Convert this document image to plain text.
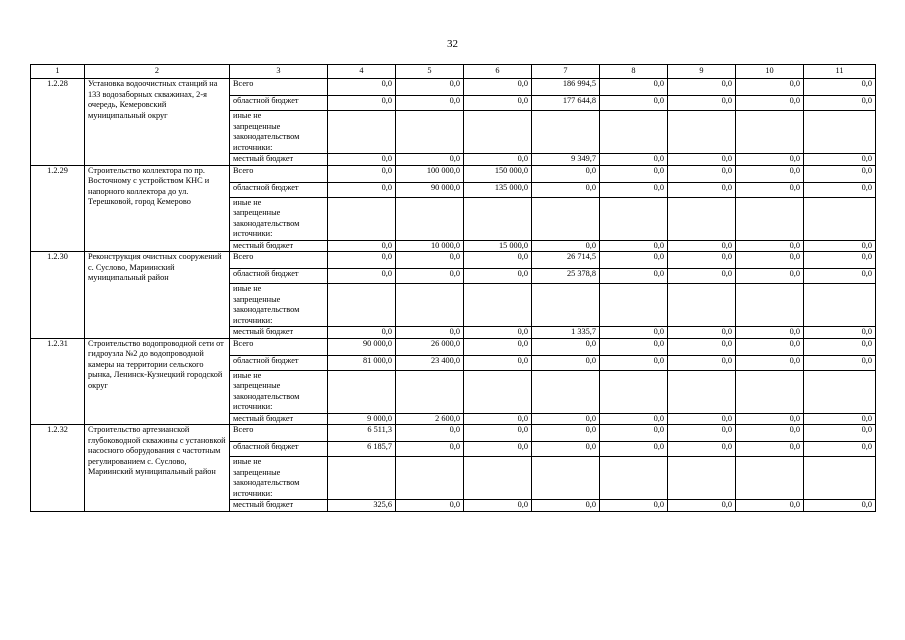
32
1	2	3	4	5	6	7	8	9	10	11
1.2.28	Установка водоочистных станций на 133 водозаборных скважинах, 2-я очередь, Кемеровский муниципальный округ	Всего	0,0	0,0	0,0	186 994,5	0,0	0,0	0,0	0,0
		областной бюджет	0,0	0,0	0,0	177 644,8	0,0	0,0	0,0	0,0

		иные не
запрещенные
законодательством
источники:								

		местный бюджет	0,0	0,0	0,0	9 349,7	0,0	0,0	0,0	0,0
1.2.29	Строительство коллектора по пр. Восточному с устройством КНС и напорного коллектора до ул. Терешковой, город Кемерово	Всего	0,0	100 000,0	150 000,0	0,0	0,0	0,0	0,0	0,0
		областной бюджет	0,0	90 000,0	135 000,0	0,0	0,0	0,0	0,0	0,0

		иные не
запрещенные
законодательством
источники:								

		местный бюджет	0,0	10 000,0	15 000,0	0,0	0,0	0,0	0,0	0,0
1.2.30	Реконструкция очистных сооружений с. Суслово, Мариинский муниципальный район	Всего	0,0	0,0	0,0	26 714,5	0,0	0,0	0,0	0,0
		областной бюджет	0,0	0,0	0,0	25 378,8	0,0	0,0	0,0	0,0

		иные не
запрещенные
законодательством
источники:								

		местный бюджет	0,0	0,0	0,0	1 335,7	0,0	0,0	0,0	0,0
1.2.31	Строительство водопроводной сети от гидроузла №2 до водопроводной камеры на территории сельского рынка, Ленинск-Кузнецкий городской округ	Всего	90 000,0	26 000,0	0,0	0,0	0,0	0,0	0,0	0,0
		областной бюджет	81 000,0	23 400,0	0,0	0,0	0,0	0,0	0,0	0,0

		иные не
запрещенные
законодательством
источники:								

		местный бюджет	9 000,0	2 600,0	0,0	0,0	0,0	0,0	0,0	0,0
1.2.32	Строительство артезианской глубоководной скважины с установкой насосного оборудования с частотным регулированием с. Суслово, Мариинский муниципальный район	Всего	6 511,3	0,0	0,0	0,0	0,0	0,0	0,0	0,0
		областной бюджет	6 185,7	0,0	0,0	0,0	0,0	0,0	0,0	0,0

		иные не
запрещенные
законодательством
источники:								

		местный бюджет	325,6	0,0	0,0	0,0	0,0	0,0	0,0	0,0
